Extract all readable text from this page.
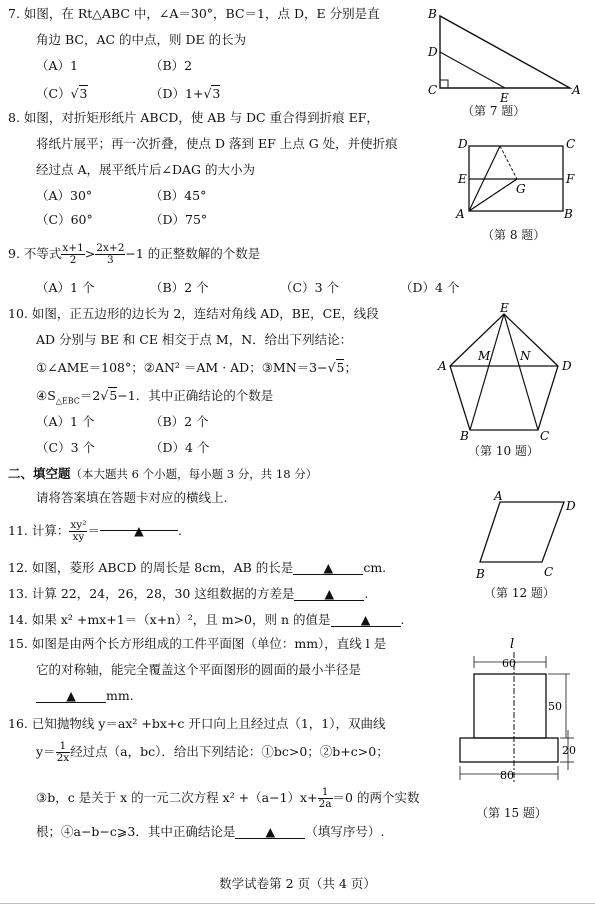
7. 如图，在 Rt△ABC 中，∠A＝30°，BC＝1，点 D，E 分别是直
角边 BC，AC 的中点，则 DE 的长为
（A）1	（B）2
（C）√3	（D）1+√3
B
D
C
E
A
（第 7 题）
8. 如图，对折矩形纸片 ABCD，使 AB 与 DC 重合得到折痕 EF，
将纸片展平；再一次折叠，使点 D 落到 EF 上点 G 处，并使折痕
经过点 A，展平纸片后∠DAG 的大小为
（A）30°	（B）45°
（C）60°	（D）75°
D	C
E	F
G
A	B
（第 8 题）
9. 不等式 $\frac{x+1}{2} > \frac{2x+2}{3} -1$ 的正整数解的个数是
（A）1 个	（B）2 个	（C）3 个	（D）4 个
10. 如图，正五边形的边长为 2，连结对角线 AD，BE，CE，线段
AD 分别与 BE 和 CE 相交于点 M，N．给出下列结论：
①∠AME＝108°；②AN² ＝AM · AD；③MN＝3−√5；
$④S_{\triangle EBC}=2√5-1$．其中正确结论的个数是
（A）1 个	（B）2 个
（C）3 个	（D）4 个
E
M N
A	D
B	C
（第 10 题）
二、填空题（本大题共 6 个小题，每小题 3 分，共 18 分）
请将答案填在答题卡对应的横线上.
11. 计算： $\frac{\text{xy²}}{xy}$ ＝	▲	.
12. 如图，菱形 ABCD 的周长是 8cm，AB 的长是 ▲ cm.
A
D
B	C
（第 12 题）
13. 计算 22，24，26，28，30 这组数据的方差是 ▲ .
14. 如果 x² +mx+1＝（x+n）²，且 m>0，则 n 的值是 ▲ .
15. 如图是由两个长方形组成的工件平面图（单位：mm），直线 l 是
它的对称轴，能完全覆盖这个平面图形的圆面的最小半径是
▲ mm.
l
60
50
20
80
（第 15 题）
16. 已知抛物线 y＝ax² +bx+c 开口向上且经过点（1，1），双曲线
$y= \frac{1}{2x}$ 经过点（a，bc）．给出下列结论：①bc>0；②b+c>0；
③b，c 是关于 x 的一元二次方程 $x^2 +(a-1)x+ \frac{1}{2a} =0$ 的两个实数
根；④a−b−c⩾3．其中正确结论是 ▲ （填写序号）.
数学试卷第 2 页（共 4 页）
